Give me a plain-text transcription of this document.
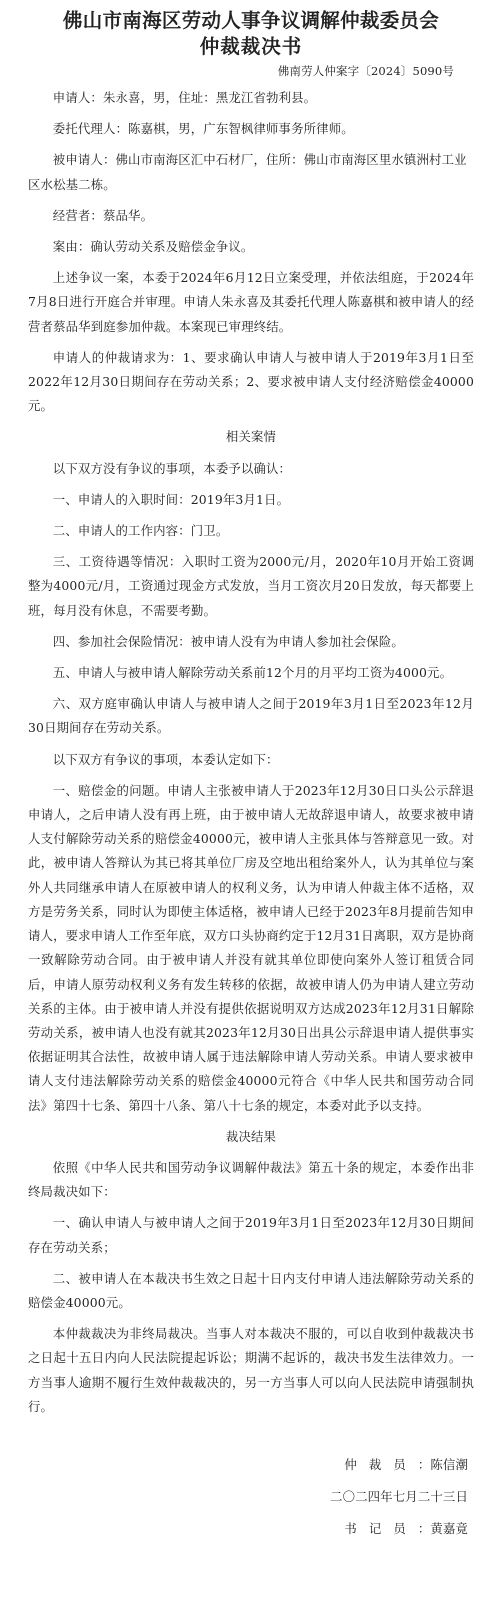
佛山市南海区劳动人事争议调解仲裁委员会
仲裁裁决书
佛南劳人仲案字〔2024〕5090号

申请人：朱永喜，男，住址：黑龙江省勃利县。

委托代理人：陈嘉棋，男，广东智枫律师事务所律师。

被申请人：佛山市南海区汇中石材厂，住所：佛山市南海区里水镇洲村工业区水松基二栋。

经营者：蔡品华。

案由：确认劳动关系及赔偿金争议。

上述争议一案，本委于2024年6月12日立案受理，并依法组庭，于2024年7月8日进行开庭合并审理。申请人朱永喜及其委托代理人陈嘉棋和被申请人的经营者蔡品华到庭参加仲裁。本案现已审理终结。

申请人的仲裁请求为：1、要求确认申请人与被申请人于2019年3月1日至2022年12月30日期间存在劳动关系；2、要求被申请人支付经济赔偿金40000元。

相关案情

以下双方没有争议的事项，本委予以确认：

一、申请人的入职时间：2019年3月1日。

二、申请人的工作内容：门卫。

三、工资待遇等情况：入职时工资为2000元/月，2020年10月开始工资调整为4000元/月，工资通过现金方式发放，当月工资次月20日发放，每天都要上班，每月没有休息，不需要考勤。

四、参加社会保险情况：被申请人没有为申请人参加社会保险。

五、申请人与被申请人解除劳动关系前12个月的月平均工资为4000元。

六、双方庭审确认申请人与被申请人之间于2019年3月1日至2023年12月30日期间存在劳动关系。

以下双方有争议的事项，本委认定如下：

一、赔偿金的问题。申请人主张被申请人于2023年12月30日口头公示辞退申请人，之后申请人没有再上班，由于被申请人无故辞退申请人，故要求被申请人支付解除劳动关系的赔偿金40000元，被申请人主张具体与答辩意见一致。对此，被申请人答辩认为其已将其单位厂房及空地出租给案外人，认为其单位与案外人共同继承申请人在原被申请人的权利义务，认为申请人仲裁主体不适格，双方是劳务关系，同时认为即使主体适格，被申请人已经于2023年8月提前告知申请人，要求申请人工作至年底，双方口头协商约定于12月31日离职，双方是协商一致解除劳动合同。由于被申请人并没有就其单位即使向案外人签订租赁合同后，申请人原劳动权利义务有发生转移的依据，故被申请人仍为申请人建立劳动关系的主体。由于被申请人并没有提供依据说明双方达成2023年12月31日解除劳动关系，被申请人也没有就其2023年12月30日出具公示辞退申请人提供事实依据证明其合法性，故被申请人属于违法解除申请人劳动关系。申请人要求被申请人支付违法解除劳动关系的赔偿金40000元符合《中华人民共和国劳动合同法》第四十七条、第四十八条、第八十七条的规定，本委对此予以支持。

裁决结果

依照《中华人民共和国劳动争议调解仲裁法》第五十条的规定，本委作出非终局裁决如下：

一、确认申请人与被申请人之间于2019年3月1日至2023年12月30日期间存在劳动关系；

二、被申请人在本裁决书生效之日起十日内支付申请人违法解除劳动关系的赔偿金40000元。

本仲裁裁决为非终局裁决。当事人对本裁决不服的，可以自收到仲裁裁决书之日起十五日内向人民法院提起诉讼；期满不起诉的，裁决书发生法律效力。一方当事人逾期不履行生效仲裁裁决的，另一方当事人可以向人民法院申请强制执行。

仲裁员：陈信潮
二〇二四年七月二十三日
书记员：黄嘉竟
